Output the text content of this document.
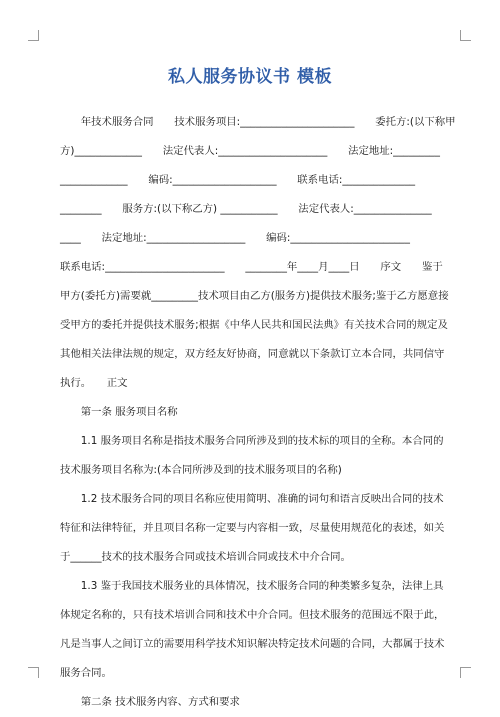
私人服务协议书 模板
　　年技术服务合同　　技术服务项目:______________________　　委托方:(以下称甲
方)_____________　　法定代表人:_____________________　　法定地址:_________
_____________　　编码:____________________　　联系电话:______________
________　　服务方:(以下称乙方) ___________　　法定代表人:_______________
____　　法定地址:___________________　　编码:_______________________
联系电话:_______________________　　________年____月____日　　序文　　鉴于
甲方(委托方)需要就_________技术项目由乙方(服务方)提供技术服务;鉴于乙方愿意接
受甲方的委托并提供技术服务;根据《中华人民共和国民法典》有关技术合同的规定及
其他相关法律法规的规定，双方经友好协商，同意就以下条款订立本合同，共同信守
执行。　　正文
　　第一条 服务项目名称
　　1.1 服务项目名称是指技术服务合同所涉及到的技术标的项目的全称。本合同的
技术服务项目名称为:(本合同所涉及到的技术服务项目的名称)
　　1.2 技术服务合同的项目名称应使用简明、准确的词句和语言反映出合同的技术
特征和法律特征，并且项目名称一定要与内容相一致，尽量使用规范化的表述，如关
于______技术的技术服务合同或技术培训合同或技术中介合同。
　　1.3 鉴于我国技术服务业的具体情况，技术服务合同的种类繁多复杂，法律上具
体规定名称的，只有技术培训合同和技术中介合同。但技术服务的范围远不限于此，
凡是当事人之间订立的需要用科学技术知识解决特定技术问题的合同，大都属于技术
服务合同。
　　第二条 技术服务内容、方式和要求
